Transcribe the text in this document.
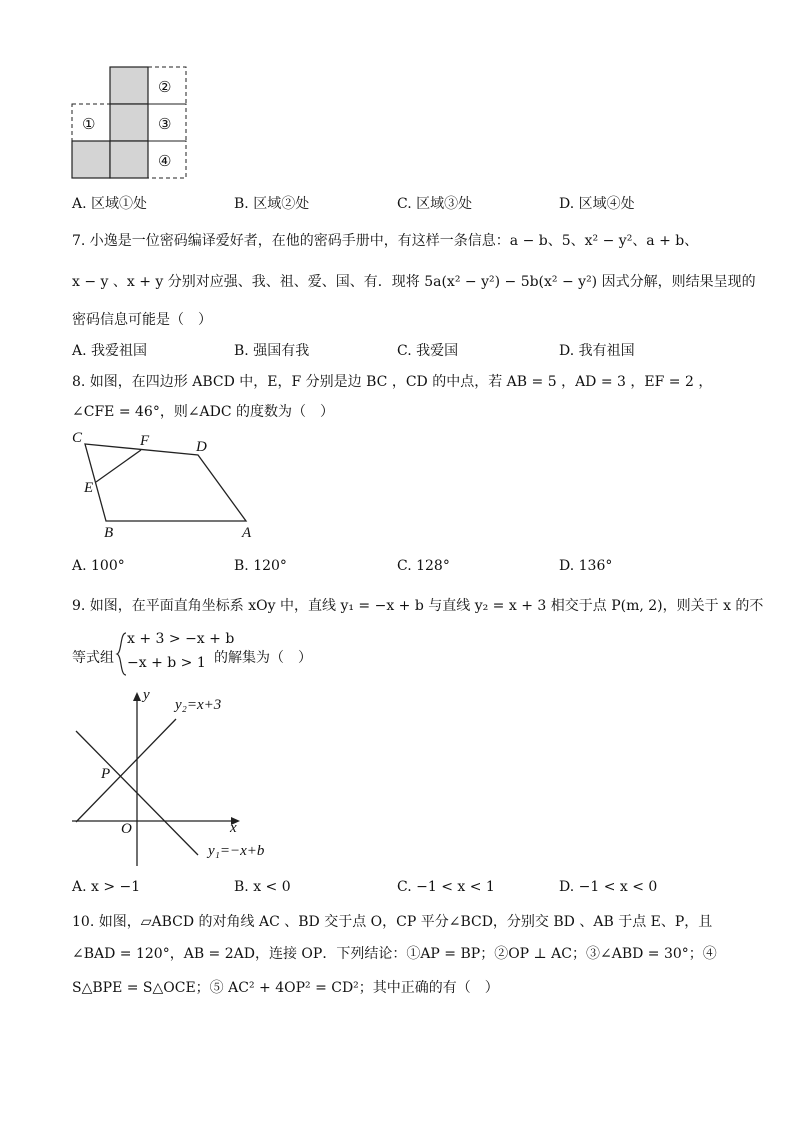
①
②
③
④
A. 区域①处	B. 区域②处	C. 区域③处	D. 区域④处
7. 小逸是一位密码编译爱好者，在他的密码手册中，有这样一条信息：a − b、5、x² − y²、a + b、
x − y 、x + y 分别对应强、我、祖、爱、国、有．现将 5a(x² − y²) − 5b(x² − y²) 因式分解，则结果呈现的
密码信息可能是（　）
A. 我爱祖国	B. 强国有我	C. 我爱国	D. 我有祖国
8. 如图，在四边形 ABCD 中，E，F 分别是边 BC ，CD 的中点，若 AB = 5 ，AD = 3 ，EF = 2 ，
∠CFE = 46°，则∠ADC 的度数为（　）
C	F	D
E
B	A
A. 100°	B. 120°	C. 128°	D. 136°
9. 如图，在平面直角坐标系 xOy 中，直线 y₁ = −x + b 与直线 y₂ = x + 3 相交于点 P(m, 2)，则关于 x 的不
等式组
x + 3 > −x + b
−x + b > 1 的解集为（　）
y
x
O
P
y₂=x+3
y₁=−x+b
A. x > −1	B. x < 0	C. −1 < x < 1	D. −1 < x < 0
10. 如图，▱ABCD 的对角线 AC 、BD 交于点 O，CP 平分∠BCD，分别交 BD 、AB 于点 E、P，且
∠BAD = 120°，AB = 2AD，连接 OP．下列结论：①AP = BP；②OP ⊥ AC；③∠ABD = 30°；④
S△BPE = S△OCE；⑤ AC² + 4OP² = CD²；其中正确的有（　）
